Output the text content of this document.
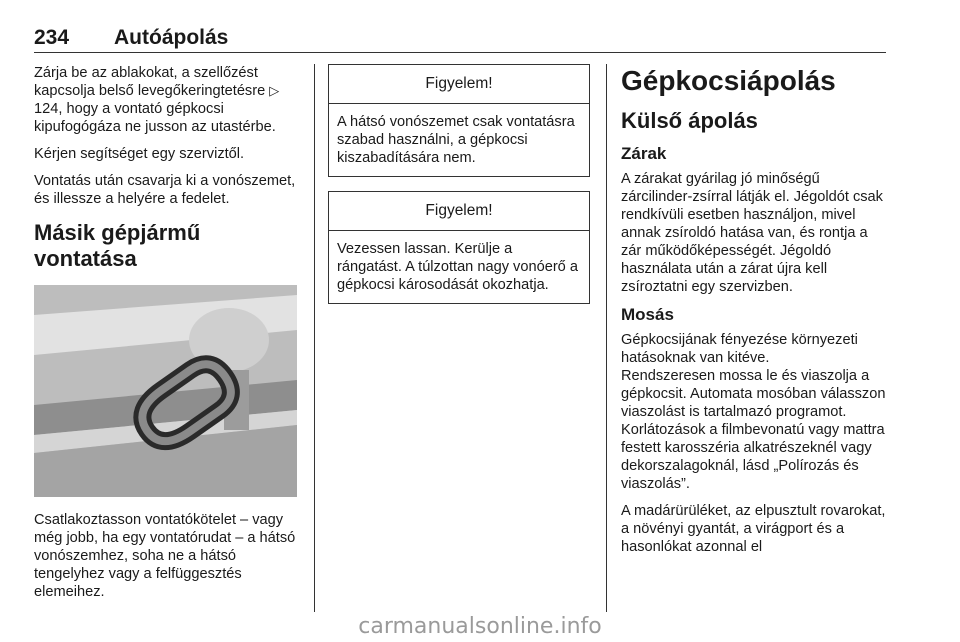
234 Autóápolás

Zárja be az ablakokat, a szellőzést kapcsolja belső levegőkeringtetésre ▷ 124, hogy a vontató gépkocsi kipufogógáza ne jusson az utastérbe.

Kérjen segítséget egy szerviztől.

Vontatás után csavarja ki a vonószemet, és illessze a helyére a fedelet.

Másik gépjármű vontatása

Csatlakoztasson vontatókötelet – vagy még jobb, ha egy vontatórudat – a hátsó vonószemhez, soha ne a hátsó tengelyhez vagy a felfüggesztés elemeihez.

Figyelem!

A hátsó vonószemet csak vontatásra szabad használni, a gépkocsi kiszabadítására nem.

Figyelem!

Vezessen lassan. Kerülje a rángatást. A túlzottan nagy vonóerő a gépkocsi károsodását okozhatja.

Gépkocsiápolás
Külső ápolás
Zárak

A zárakat gyárilag jó minőségű zárcilinder-zsírral látják el. Jégoldót csak rendkívüli esetben használjon, mivel annak zsíroldó hatása van, és rontja a zár működőképességét. Jégoldó használata után a zárat újra kell zsíroztatni egy szervizben.

Mosás

Gépkocsijának fényezése környezeti hatásoknak van kitéve.

Rendszeresen mossa le és viaszolja a gépkocsit. Automata mosóban válasszon viaszolást is tartalmazó programot. Korlátozások a filmbevonatú vagy mattra festett karosszéria alkatrészeknél vagy dekorszalagoknál, lásd „Polírozás és viaszolás”.

A madárürüléket, az elpusztult rovarokat, a növényi gyantát, a virágport és a hasonlókat azonnal el

carmanualsonline.info
